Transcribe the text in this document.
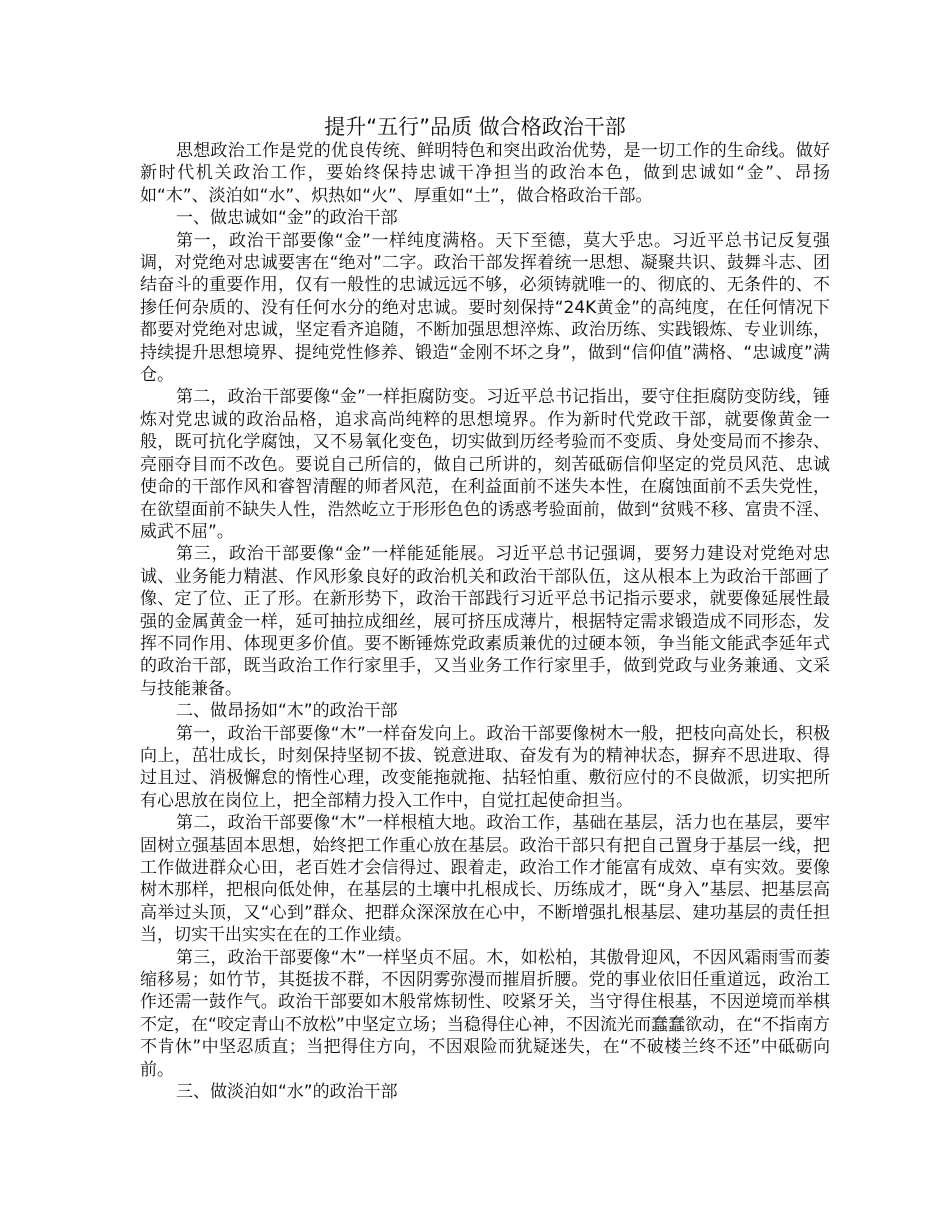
提升“五行”品质 做合格政治干部

思想政治工作是党的优良传统、鲜明特色和突出政治优势，是一切工作的生命线。做好新时代机关政治工作，要始终保持忠诚干净担当的政治本色，做到忠诚如“金”、昂扬如“木”、淡泊如“水”、炽热如“火”、厚重如“土”，做合格政治干部。

一、做忠诚如“金”的政治干部

第一，政治干部要像“金”一样纯度满格。天下至德，莫大乎忠。习近平总书记反复强调，对党绝对忠诚要害在“绝对”二字。政治干部发挥着统一思想、凝聚共识、鼓舞斗志、团结奋斗的重要作用，仅有一般性的忠诚远远不够，必须铸就唯一的、彻底的、无条件的、不掺任何杂质的、没有任何水分的绝对忠诚。要时刻保持“24K黄金”的高纯度，在任何情况下都要对党绝对忠诚，坚定看齐追随，不断加强思想淬炼、政治历练、实践锻炼、专业训练，持续提升思想境界、提纯党性修养、锻造“金刚不坏之身”，做到“信仰值”满格、“忠诚度”满仓。

第二，政治干部要像“金”一样拒腐防变。习近平总书记指出，要守住拒腐防变防线，锤炼对党忠诚的政治品格，追求高尚纯粹的思想境界。作为新时代党政干部，就要像黄金一般，既可抗化学腐蚀，又不易氧化变色，切实做到历经考验而不变质、身处变局而不掺杂、亮丽夺目而不改色。要说自己所信的，做自己所讲的，刻苦砥砺信仰坚定的党员风范、忠诚使命的干部作风和睿智清醒的师者风范，在利益面前不迷失本性，在腐蚀面前不丢失党性，在欲望面前不缺失人性，浩然屹立于形形色色的诱惑考验面前，做到“贫贱不移、富贵不淫、威武不屈”。

第三，政治干部要像“金”一样能延能展。习近平总书记强调，要努力建设对党绝对忠诚、业务能力精湛、作风形象良好的政治机关和政治干部队伍，这从根本上为政治干部画了像、定了位、正了形。在新形势下，政治干部践行习近平总书记指示要求，就要像延展性最强的金属黄金一样，延可抽拉成细丝，展可挤压成薄片，根据特定需求锻造成不同形态，发挥不同作用、体现更多价值。要不断锤炼党政素质兼优的过硬本领，争当能文能武李延年式的政治干部，既当政治工作行家里手，又当业务工作行家里手，做到党政与业务兼通、文采与技能兼备。

二、做昂扬如“木”的政治干部

第一，政治干部要像“木”一样奋发向上。政治干部要像树木一般，把枝向高处长，积极向上，茁壮成长，时刻保持坚韧不拔、锐意进取、奋发有为的精神状态，摒弃不思进取、得过且过、消极懈怠的惰性心理，改变能拖就拖、拈轻怕重、敷衍应付的不良做派，切实把所有心思放在岗位上，把全部精力投入工作中，自觉扛起使命担当。

第二，政治干部要像“木”一样根植大地。政治工作，基础在基层，活力也在基层，要牢固树立强基固本思想，始终把工作重心放在基层。政治干部只有把自己置身于基层一线，把工作做进群众心田，老百姓才会信得过、跟着走，政治工作才能富有成效、卓有实效。要像树木那样，把根向低处伸，在基层的土壤中扎根成长、历练成才，既“身入”基层、把基层高高举过头顶，又“心到”群众、把群众深深放在心中，不断增强扎根基层、建功基层的责任担当，切实干出实实在在的工作业绩。

第三，政治干部要像“木”一样坚贞不屈。木，如松柏，其傲骨迎风，不因风霜雨雪而萎缩移易；如竹节，其挺拔不群，不因阴雾弥漫而摧眉折腰。党的事业依旧任重道远，政治工作还需一鼓作气。政治干部要如木般常炼韧性、咬紧牙关，当守得住根基，不因逆境而举棋不定，在“咬定青山不放松”中坚定立场；当稳得住心神，不因流光而蠢蠢欲动，在“不指南方不肯休”中坚忍质直；当把得住方向，不因艰险而犹疑迷失，在“不破楼兰终不还”中砥砺向前。

三、做淡泊如“水”的政治干部
